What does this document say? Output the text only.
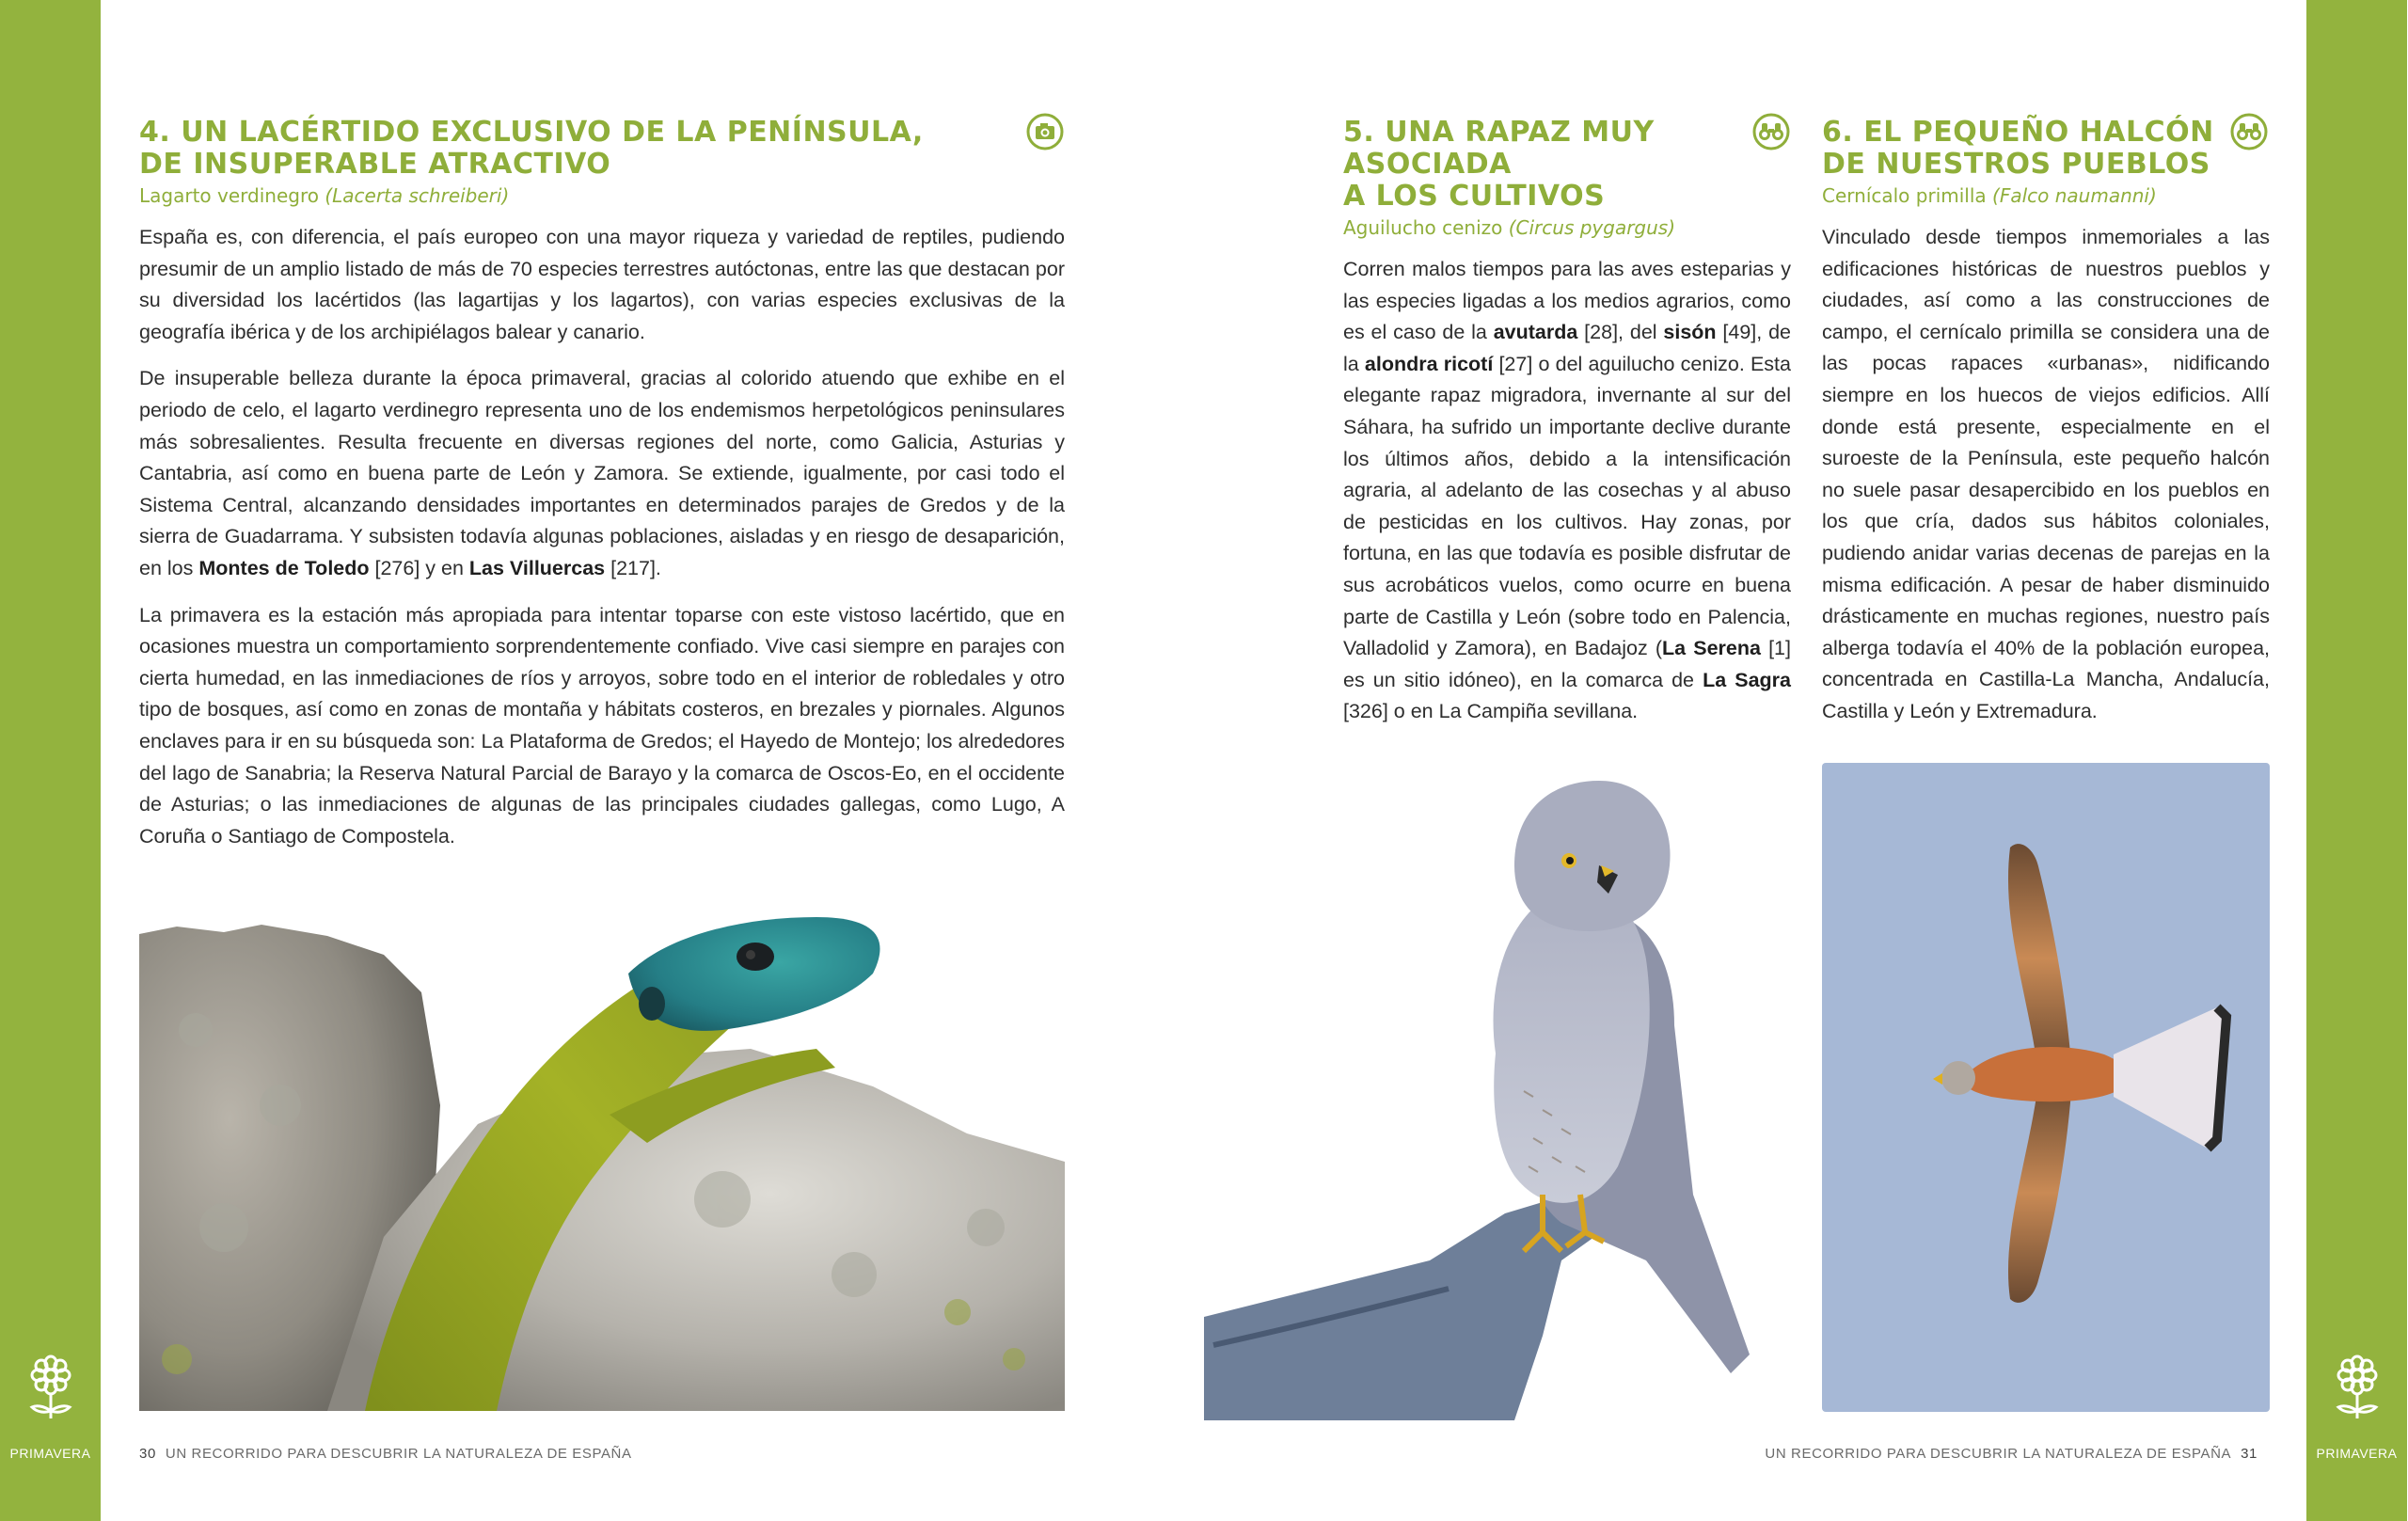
PRIMAVERA	PRIMAVERA
4. UN LACÉRTIDO EXCLUSIVO DE LA PENÍNSULA,
DE INSUPERABLE ATRACTIVO
Lagarto verdinegro (Lacerta schreiberi)

España es, con diferencia, el país europeo con una mayor riqueza y variedad de reptiles, pudiendo presumir de un amplio listado de más de 70 especies terrestres autóctonas, entre las que destacan por su diversidad los lacértidos (las lagartijas y los lagartos), con varias especies exclusivas de la geografía ibérica y de los archipiélagos balear y canario.

De insuperable belleza durante la época primaveral, gracias al colorido atuendo que exhibe en el periodo de celo, el lagarto verdinegro representa uno de los endemismos herpetológicos peninsulares más sobresalientes. Resulta frecuente en diversas regiones del norte, como Galicia, Asturias y Cantabria, así como en buena parte de León y Zamora. Se extiende, igualmente, por casi todo el Sistema Central, alcanzando densidades importantes en determinados parajes de Gredos y de la sierra de Guadarrama. Y subsisten todavía algunas poblaciones, aisladas y en riesgo de desaparición, en los Montes de Toledo [276] y en Las Villuercas [217].

La primavera es la estación más apropiada para intentar toparse con este vistoso lacértido, que en ocasiones muestra un comportamiento sorprendentemente confiado. Vive casi siempre en parajes con cierta humedad, en las inmediaciones de ríos y arroyos, sobre todo en el interior de robledales y otro tipo de bosques, así como en zonas de montaña y hábitats costeros, en brezales y piornales. Algunos enclaves para ir en su búsqueda son: La Plataforma de Gredos; el Hayedo de Montejo; los alrededores del lago de Sanabria; la Reserva Natural Parcial de Barayo y la comarca de Oscos-Eo, en el occidente de Asturias; o las inmediaciones de algunas de las principales ciudades gallegas, como Lugo, A Coruña o Santiago de Compostela.

5. UNA RAPAZ MUY ASOCIADA
A LOS CULTIVOS
Aguilucho cenizo (Circus pygargus)

Corren malos tiempos para las aves esteparias y las especies ligadas a los medios agrarios, como es el caso de la avutarda [28], del sisón [49], de la alondra ricotí [27] o del aguilucho cenizo. Esta elegante rapaz migradora, invernante al sur del Sáhara, ha sufrido un importante declive durante los últimos años, debido a la intensificación agraria, al adelanto de las cosechas y al abuso de pesticidas en los cultivos. Hay zonas, por fortuna, en las que todavía es posible disfrutar de sus acrobáticos vuelos, como ocurre en buena parte de Castilla y León (sobre todo en Palencia, Valladolid y Zamora), en Badajoz (La Serena [1] es un sitio idóneo), en la comarca de La Sagra [326] o en La Campiña sevillana.

6. EL PEQUEÑO HALCÓN
DE NUESTROS PUEBLOS
Cernícalo primilla (Falco naumanni)

Vinculado desde tiempos inmemoriales a las edificaciones históricas de nuestros pueblos y ciudades, así como a las construcciones de campo, el cernícalo primilla se considera una de las pocas rapaces «urbanas», nidificando siempre en los huecos de viejos edificios. Allí donde está presente, especialmente en el suroeste de la Península, este pequeño halcón no suele pasar desapercibido en los pueblos en los que cría, dados sus hábitos coloniales, pudiendo anidar varias decenas de parejas en la misma edificación. A pesar de haber disminuido drásticamente en muchas regiones, nuestro país alberga todavía el 40% de la población europea, concentrada en Castilla-La Mancha, Andalucía, Castilla y León y Extremadura.

30 UN RECORRIDO PARA DESCUBRIR LA NATURALEZA DE ESPAÑA	UN RECORRIDO PARA DESCUBRIR LA NATURALEZA DE ESPAÑA 31
